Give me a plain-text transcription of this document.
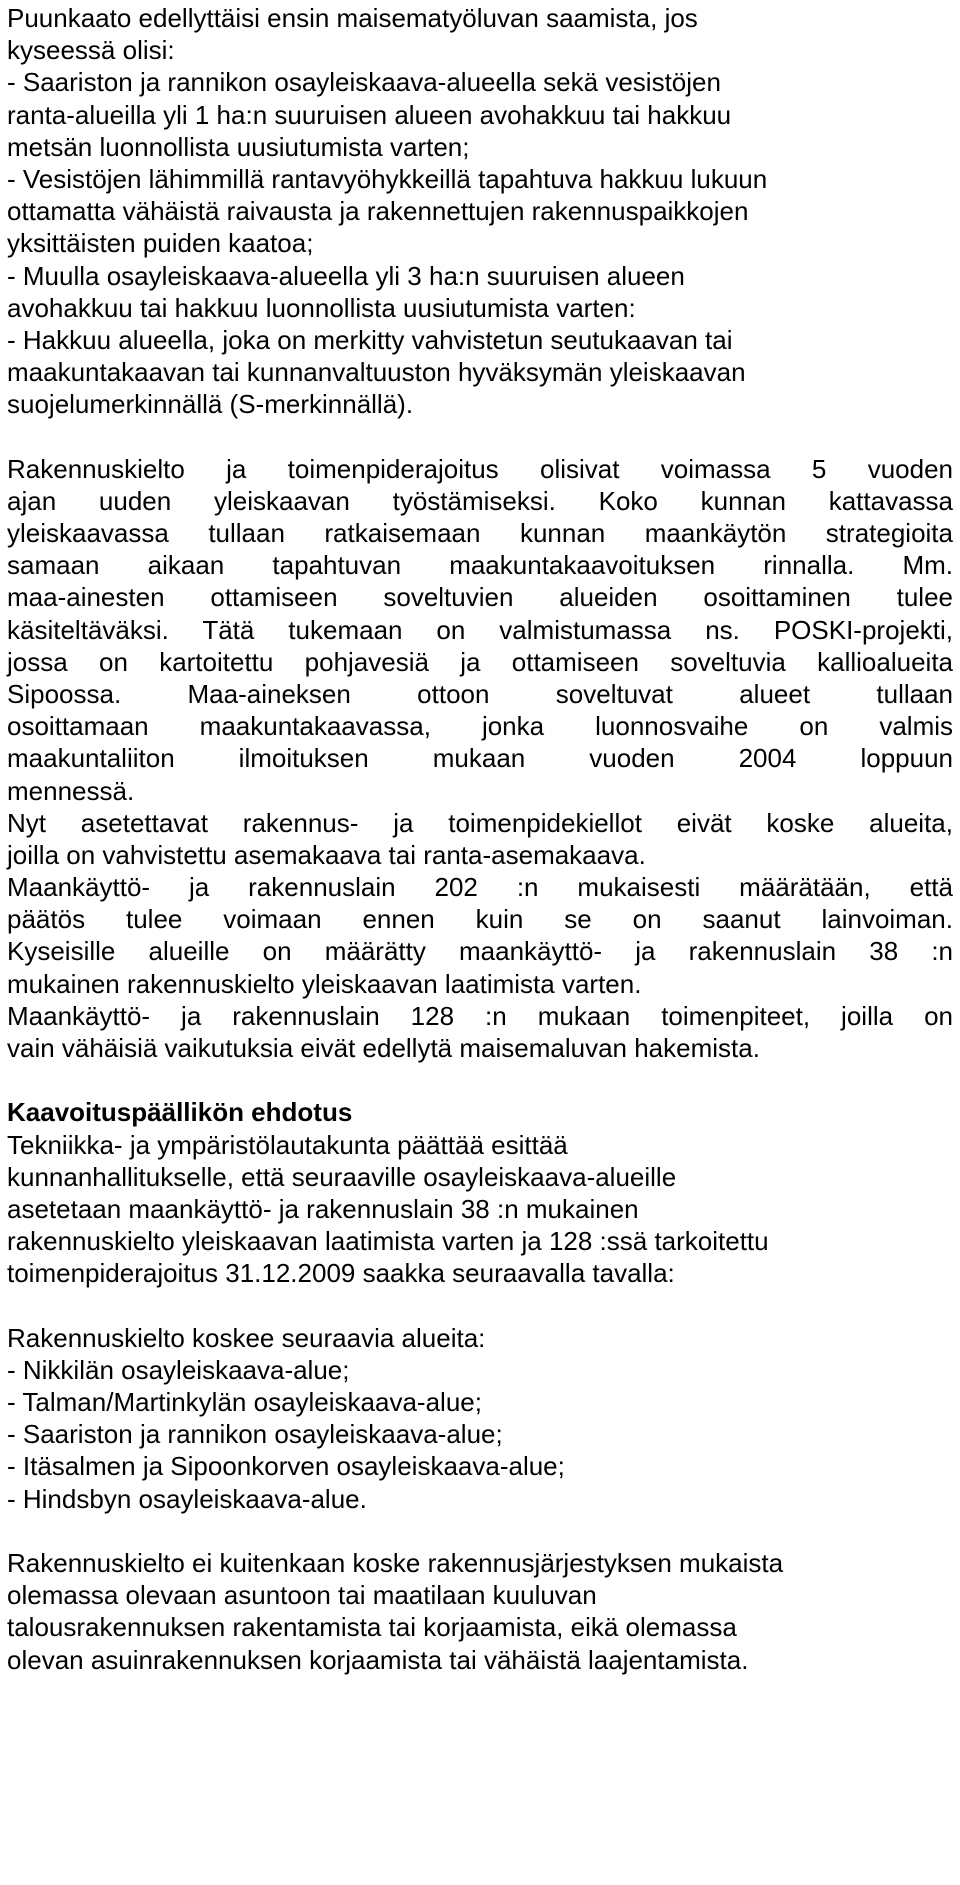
Puunkaato edellyttäisi ensin maisematyöluvan saamista, jos
kyseessä olisi:
- Saariston ja rannikon osayleiskaava-alueella sekä vesistöjen
ranta-alueilla yli 1 ha:n suuruisen alueen avohakkuu tai hakkuu
metsän luonnollista uusiutumista varten;
- Vesistöjen lähimmillä rantavyöhykkeillä tapahtuva hakkuu lukuun
ottamatta vähäistä raivausta ja rakennettujen rakennuspaikkojen
yksittäisten puiden kaatoa;
- Muulla osayleiskaava-alueella yli 3 ha:n suuruisen alueen
avohakkuu tai hakkuu luonnollista uusiutumista varten:
- Hakkuu alueella, joka on merkitty vahvistetun seutukaavan tai
maakuntakaavan tai kunnanvaltuuston hyväksymän yleiskaavan
suojelumerkinnällä (S-merkinnällä).
Rakennuskielto ja toimenpiderajoitus olisivat voimassa 5 vuoden
ajan uuden yleiskaavan työstämiseksi. Koko kunnan kattavassa
yleiskaavassa tullaan ratkaisemaan kunnan maankäytön strategioita
samaan aikaan tapahtuvan maakuntakaavoituksen rinnalla. Mm.
maa-ainesten ottamiseen soveltuvien alueiden osoittaminen tulee
käsiteltäväksi. Tätä tukemaan on valmistumassa ns. POSKI-projekti,
jossa on kartoitettu pohjavesiä ja ottamiseen soveltuvia kallioalueita
Sipoossa. Maa-aineksen ottoon soveltuvat alueet tullaan
osoittamaan maakuntakaavassa, jonka luonnosvaihe on valmis
maakuntaliiton ilmoituksen mukaan vuoden 2004 loppuun
mennessä.
Nyt asetettavat rakennus- ja toimenpidekiellot eivät koske alueita,
joilla on vahvistettu asemakaava tai ranta-asemakaava.
Maankäyttö- ja rakennuslain 202 :n mukaisesti määrätään, että
päätös tulee voimaan ennen kuin se on saanut lainvoiman.
Kyseisille alueille on määrätty maankäyttö- ja rakennuslain 38 :n
mukainen rakennuskielto yleiskaavan laatimista varten.
Maankäyttö- ja rakennuslain 128 :n mukaan toimenpiteet, joilla on
vain vähäisiä vaikutuksia eivät edellytä maisemaluvan hakemista.
Kaavoituspäällikön ehdotus
Tekniikka- ja ympäristölautakunta päättää esittää
kunnanhallitukselle, että seuraaville osayleiskaava-alueille
asetetaan maankäyttö- ja rakennuslain 38 :n mukainen
rakennuskielto yleiskaavan laatimista varten ja 128 :ssä tarkoitettu
toimenpiderajoitus 31.12.2009 saakka seuraavalla tavalla:
Rakennuskielto koskee seuraavia alueita:
- Nikkilän osayleiskaava-alue;
- Talman/Martinkylän osayleiskaava-alue;
- Saariston ja rannikon osayleiskaava-alue;
- Itäsalmen ja Sipoonkorven osayleiskaava-alue;
- Hindsbyn osayleiskaava-alue.
Rakennuskielto ei kuitenkaan koske rakennusjärjestyksen mukaista
olemassa olevaan asuntoon tai maatilaan kuuluvan
talousrakennuksen rakentamista tai korjaamista, eikä olemassa
olevan asuinrakennuksen korjaamista tai vähäistä laajentamista.
